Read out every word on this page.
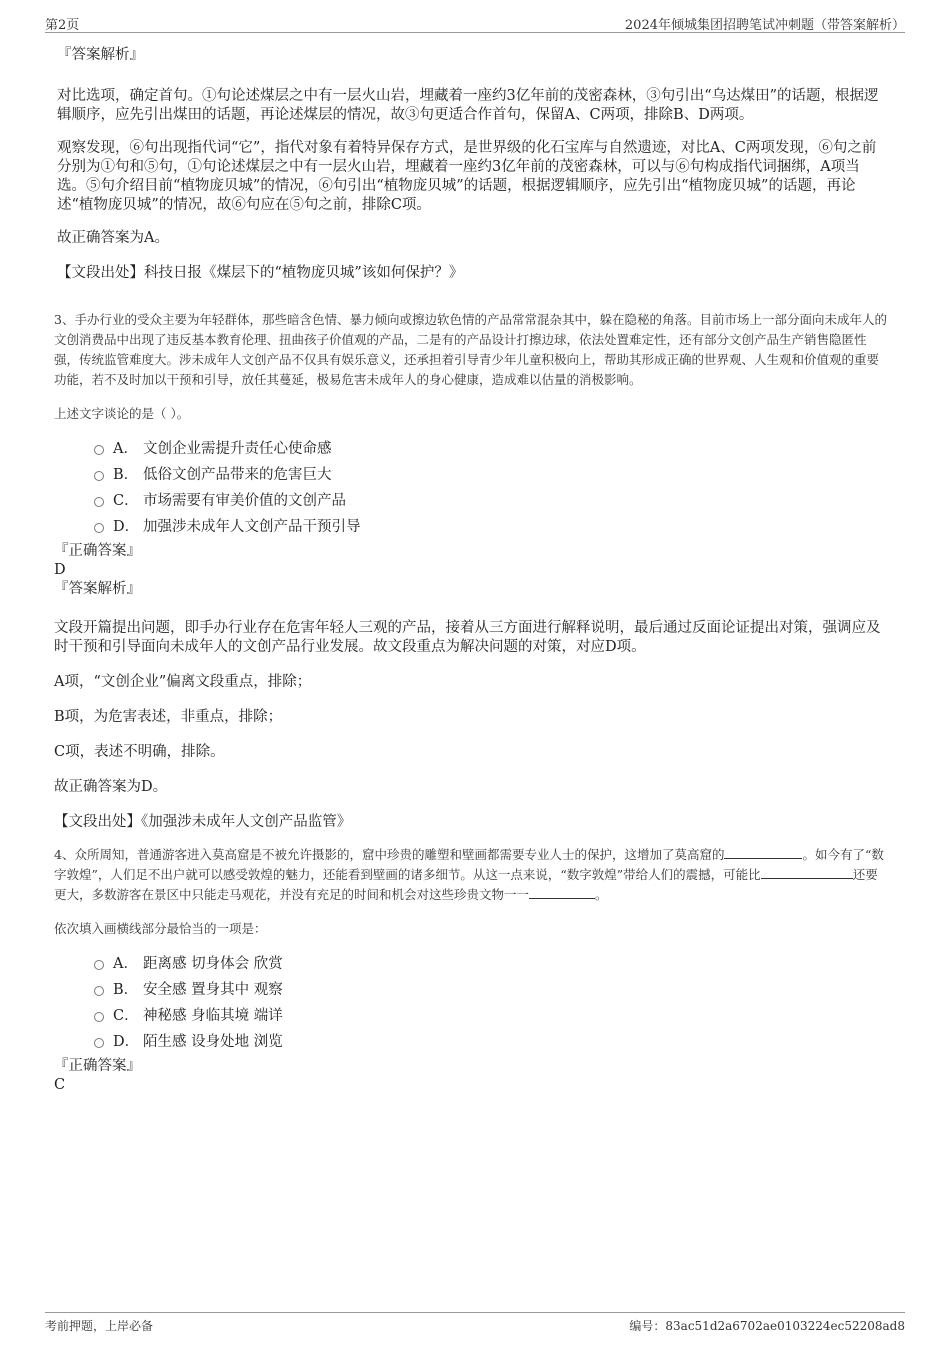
第2页	2024年倾城集团招聘笔试冲刺题（带答案解析）

『答案解析』

对比选项，确定首句。①句论述煤层之中有一层火山岩，埋藏着一座约3亿年前的茂密森林，③句引出“乌达煤田”的话题，根据逻辑顺序，应先引出煤田的话题，再论述煤层的情况，故③句更适合作首句，保留A、C两项，排除B、D两项。

观察发现，⑥句出现指代词“它”，指代对象有着特异保存方式，是世界级的化石宝库与自然遗迹，对比A、C两项发现，⑥句之前分别为①句和⑤句，①句论述煤层之中有一层火山岩，埋藏着一座约3亿年前的茂密森林，可以与⑥句构成指代词捆绑，A项当选。⑤句介绍目前“植物庞贝城”的情况，⑥句引出“植物庞贝城”的话题，根据逻辑顺序，应先引出“植物庞贝城”的话题，再论述“植物庞贝城”的情况，故⑥句应在⑤句之前，排除C项。

故正确答案为A。

【文段出处】科技日报《煤层下的“植物庞贝城”该如何保护？》

3、手办行业的受众主要为年轻群体，那些暗含色情、暴力倾向或擦边软色情的产品常常混杂其中，躲在隐秘的角落。目前市场上一部分面向未成年人的文创消费品中出现了违反基本教育伦理、扭曲孩子价值观的产品，二是有的产品设计打擦边球，依法处置难定性，还有部分文创产品生产销售隐匿性强，传统监管难度大。涉未成年人文创产品不仅具有娱乐意义，还承担着引导青少年儿童积极向上，帮助其形成正确的世界观、人生观和价值观的重要功能，若不及时加以干预和引导，放任其蔓延，极易危害未成年人的身心健康，造成难以估量的消极影响。

上述文字谈论的是（ ）。

A． 文创企业需提升责任心使命感
B． 低俗文创产品带来的危害巨大
C． 市场需要有审美价值的文创产品
D． 加强涉未成年人文创产品干预引导

『正确答案』

D

『答案解析』

文段开篇提出问题，即手办行业存在危害年轻人三观的产品，接着从三方面进行解释说明，最后通过反面论证提出对策，强调应及时干预和引导面向未成年人的文创产品行业发展。故文段重点为解决问题的对策，对应D项。

A项，“文创企业”偏离文段重点，排除；

B项，为危害表述，非重点，排除；

C项，表述不明确，排除。

故正确答案为D。

【文段出处】《加强涉未成年人文创产品监管》

4、众所周知，普通游客进入莫高窟是不被允许摄影的，窟中珍贵的雕塑和壁画都需要专业人士的保护，这增加了莫高窟的	。如今有了“数字敦煌”，人们足不出户就可以感受敦煌的魅力，还能看到壁画的诸多细节。从这一点来说，“数字敦煌”带给人们的震撼，可能比	还要更大，多数游客在景区中只能走马观花，并没有充足的时间和机会对这些珍贵文物一一	。

依次填入画横线部分最恰当的一项是：

A． 距离感 切身体会 欣赏
B． 安全感 置身其中 观察
C． 神秘感 身临其境 端详
D． 陌生感 设身处地 浏览

『正确答案』

C

考前押题，上岸必备	编号：83ac51d2a6702ae0103224ec52208ad8
